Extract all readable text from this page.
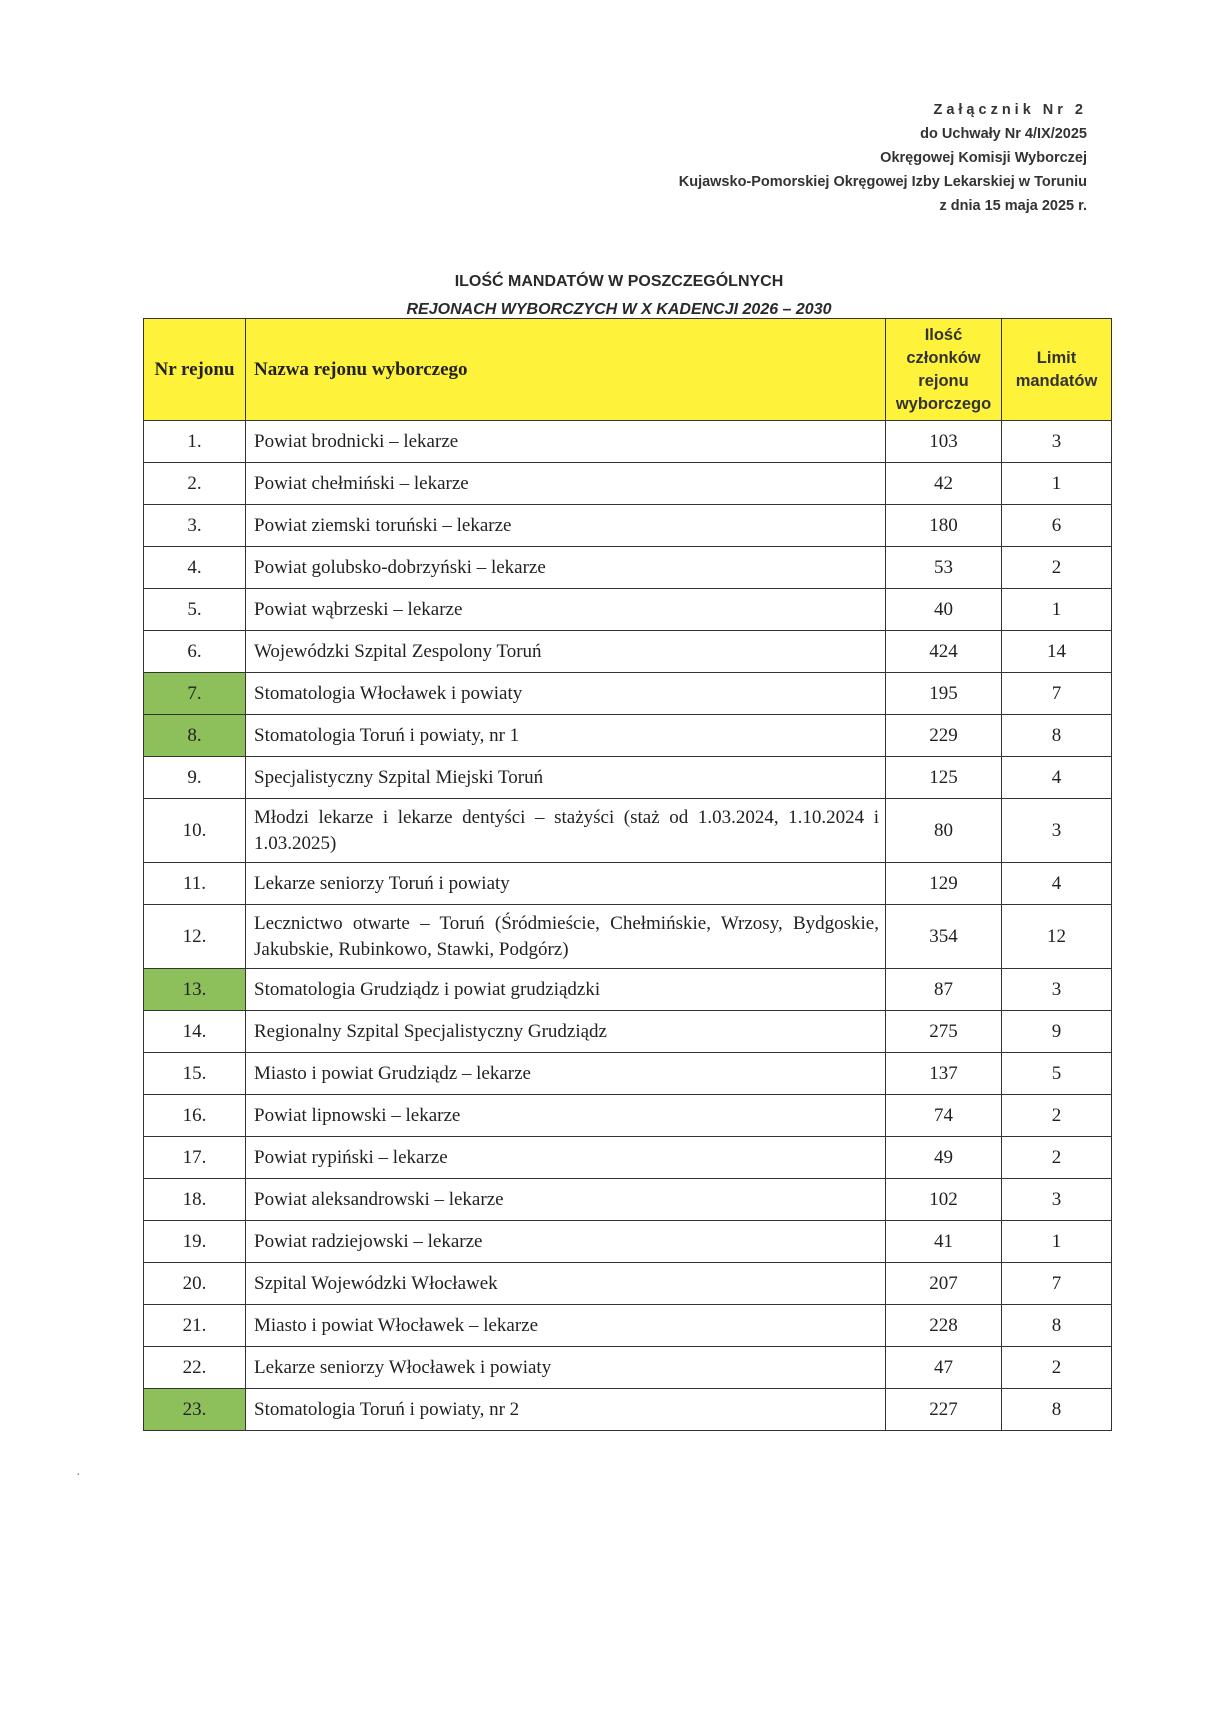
Załącznik Nr 2
do Uchwały Nr 4/IX/2025
Okręgowej Komisji Wyborczej
Kujawsko-Pomorskiej Okręgowej Izby Lekarskiej w Toruniu
z dnia 15 maja 2025 r.
ILOŚĆ MANDATÓW W POSZCZEGÓLNYCH
REJONACH WYBORCZYCH W X KADENCJI 2026 – 2030
Nr rejonu	Nazwa rejonu wyborczego	Ilość członków rejonu wyborczego	Limit mandatów
1.	Powiat brodnicki – lekarze	103	3
2.	Powiat chełmiński – lekarze	42	1
3.	Powiat ziemski toruński – lekarze	180	6
4.	Powiat golubsko-dobrzyński – lekarze	53	2
5.	Powiat wąbrzeski – lekarze	40	1
6.	Wojewódzki Szpital Zespolony Toruń	424	14
7.	Stomatologia Włocławek i powiaty	195	7
8.	Stomatologia Toruń i powiaty, nr 1	229	8
9.	Specjalistyczny Szpital Miejski Toruń	125	4
10.	Młodzi lekarze i lekarze dentyści – stażyści (staż od 1.03.2024, 1.10.2024 i 1.03.2025)	80	3
11.	Lekarze seniorzy Toruń i powiaty	129	4
12.	Lecznictwo otwarte – Toruń (Śródmieście, Chełmińskie, Wrzosy, Bydgoskie, Jakubskie, Rubinkowo, Stawki, Podgórz)	354	12
13.	Stomatologia Grudziądz i powiat grudziądzki	87	3
14.	Regionalny Szpital Specjalistyczny Grudziądz	275	9
15.	Miasto i powiat Grudziądz – lekarze	137	5
16.	Powiat lipnowski – lekarze	74	2
17.	Powiat rypiński – lekarze	49	2
18.	Powiat aleksandrowski – lekarze	102	3
19.	Powiat radziejowski – lekarze	41	1
20.	Szpital Wojewódzki Włocławek	207	7
21.	Miasto i powiat Włocławek – lekarze	228	8
22.	Lekarze seniorzy Włocławek i powiaty	47	2
23.	Stomatologia Toruń i powiaty, nr 2	227	8
·
